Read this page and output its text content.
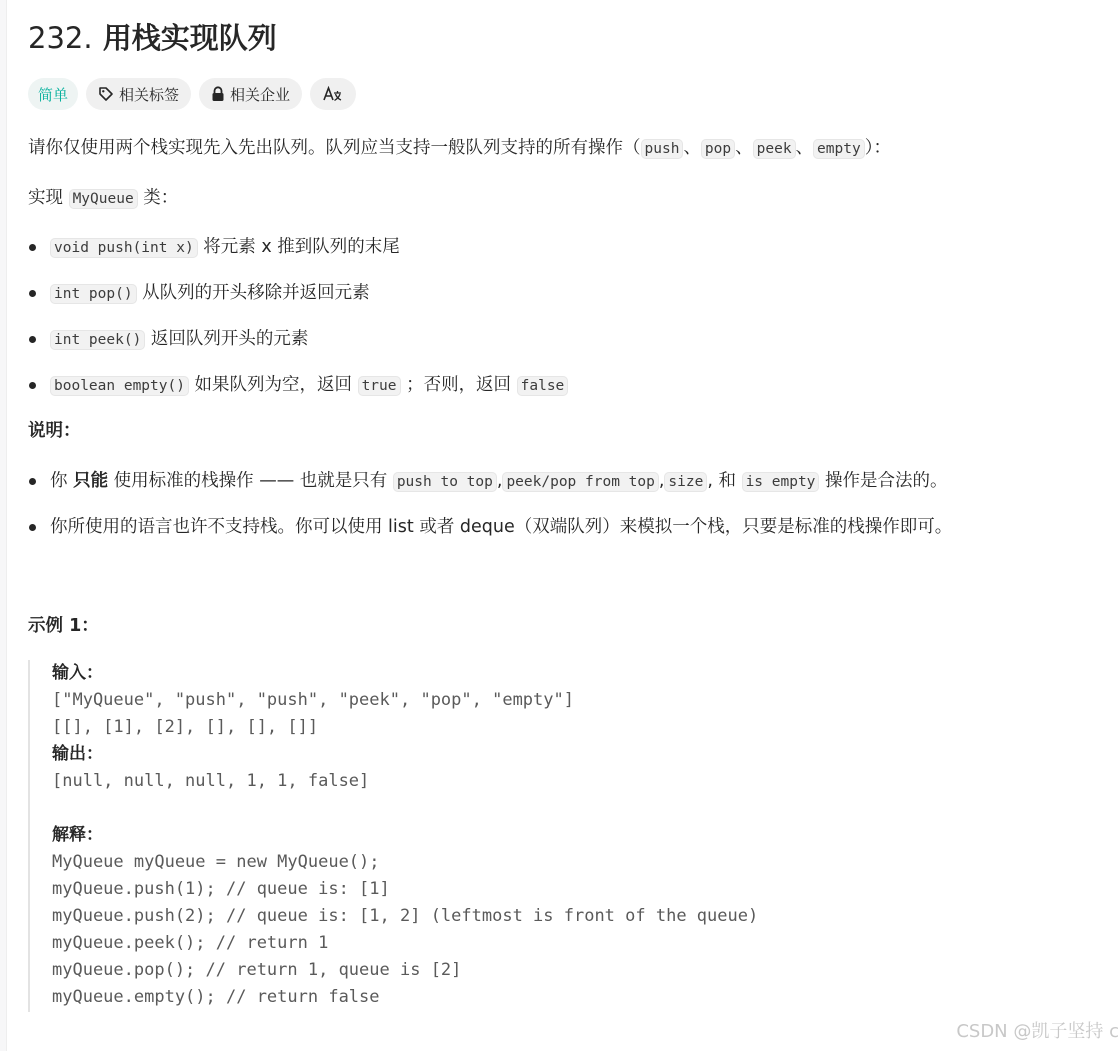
232. 用栈实现队列
简单	相关标签	相关企业

请你仅使用两个栈实现先入先出队列。队列应当支持一般队列支持的所有操作（ push 、 pop 、 peek 、 empty ）：

实现 MyQueue 类：

void push(int x) 将元素 x 推到队列的末尾
int pop() 从队列的开头移除并返回元素
int peek() 返回队列开头的元素
boolean empty() 如果队列为空，返回 true ；否则，返回 false

说明：

你 只能 使用标准的栈操作 —— 也就是只有 push to top , peek/pop from top , size , 和 is empty 操作是合法的。
你所使用的语言也许不支持栈。你可以使用 list 或者 deque（双端队列）来模拟一个栈，只要是标准的栈操作即可。

示例 1：

输入：

["MyQueue", "push", "push", "peek", "pop", "empty"]

[[], [1], [2], [], [], []]

输出：

[null, null, null, 1, 1, false]

解释：

MyQueue myQueue = new MyQueue();

myQueue.push(1); // queue is: [1]

myQueue.push(2); // queue is: [1, 2] (leftmost is front of the queue)

myQueue.peek(); // return 1

myQueue.pop(); // return 1, queue is [2]

myQueue.empty(); // return false

CSDN @凯子坚持 c
